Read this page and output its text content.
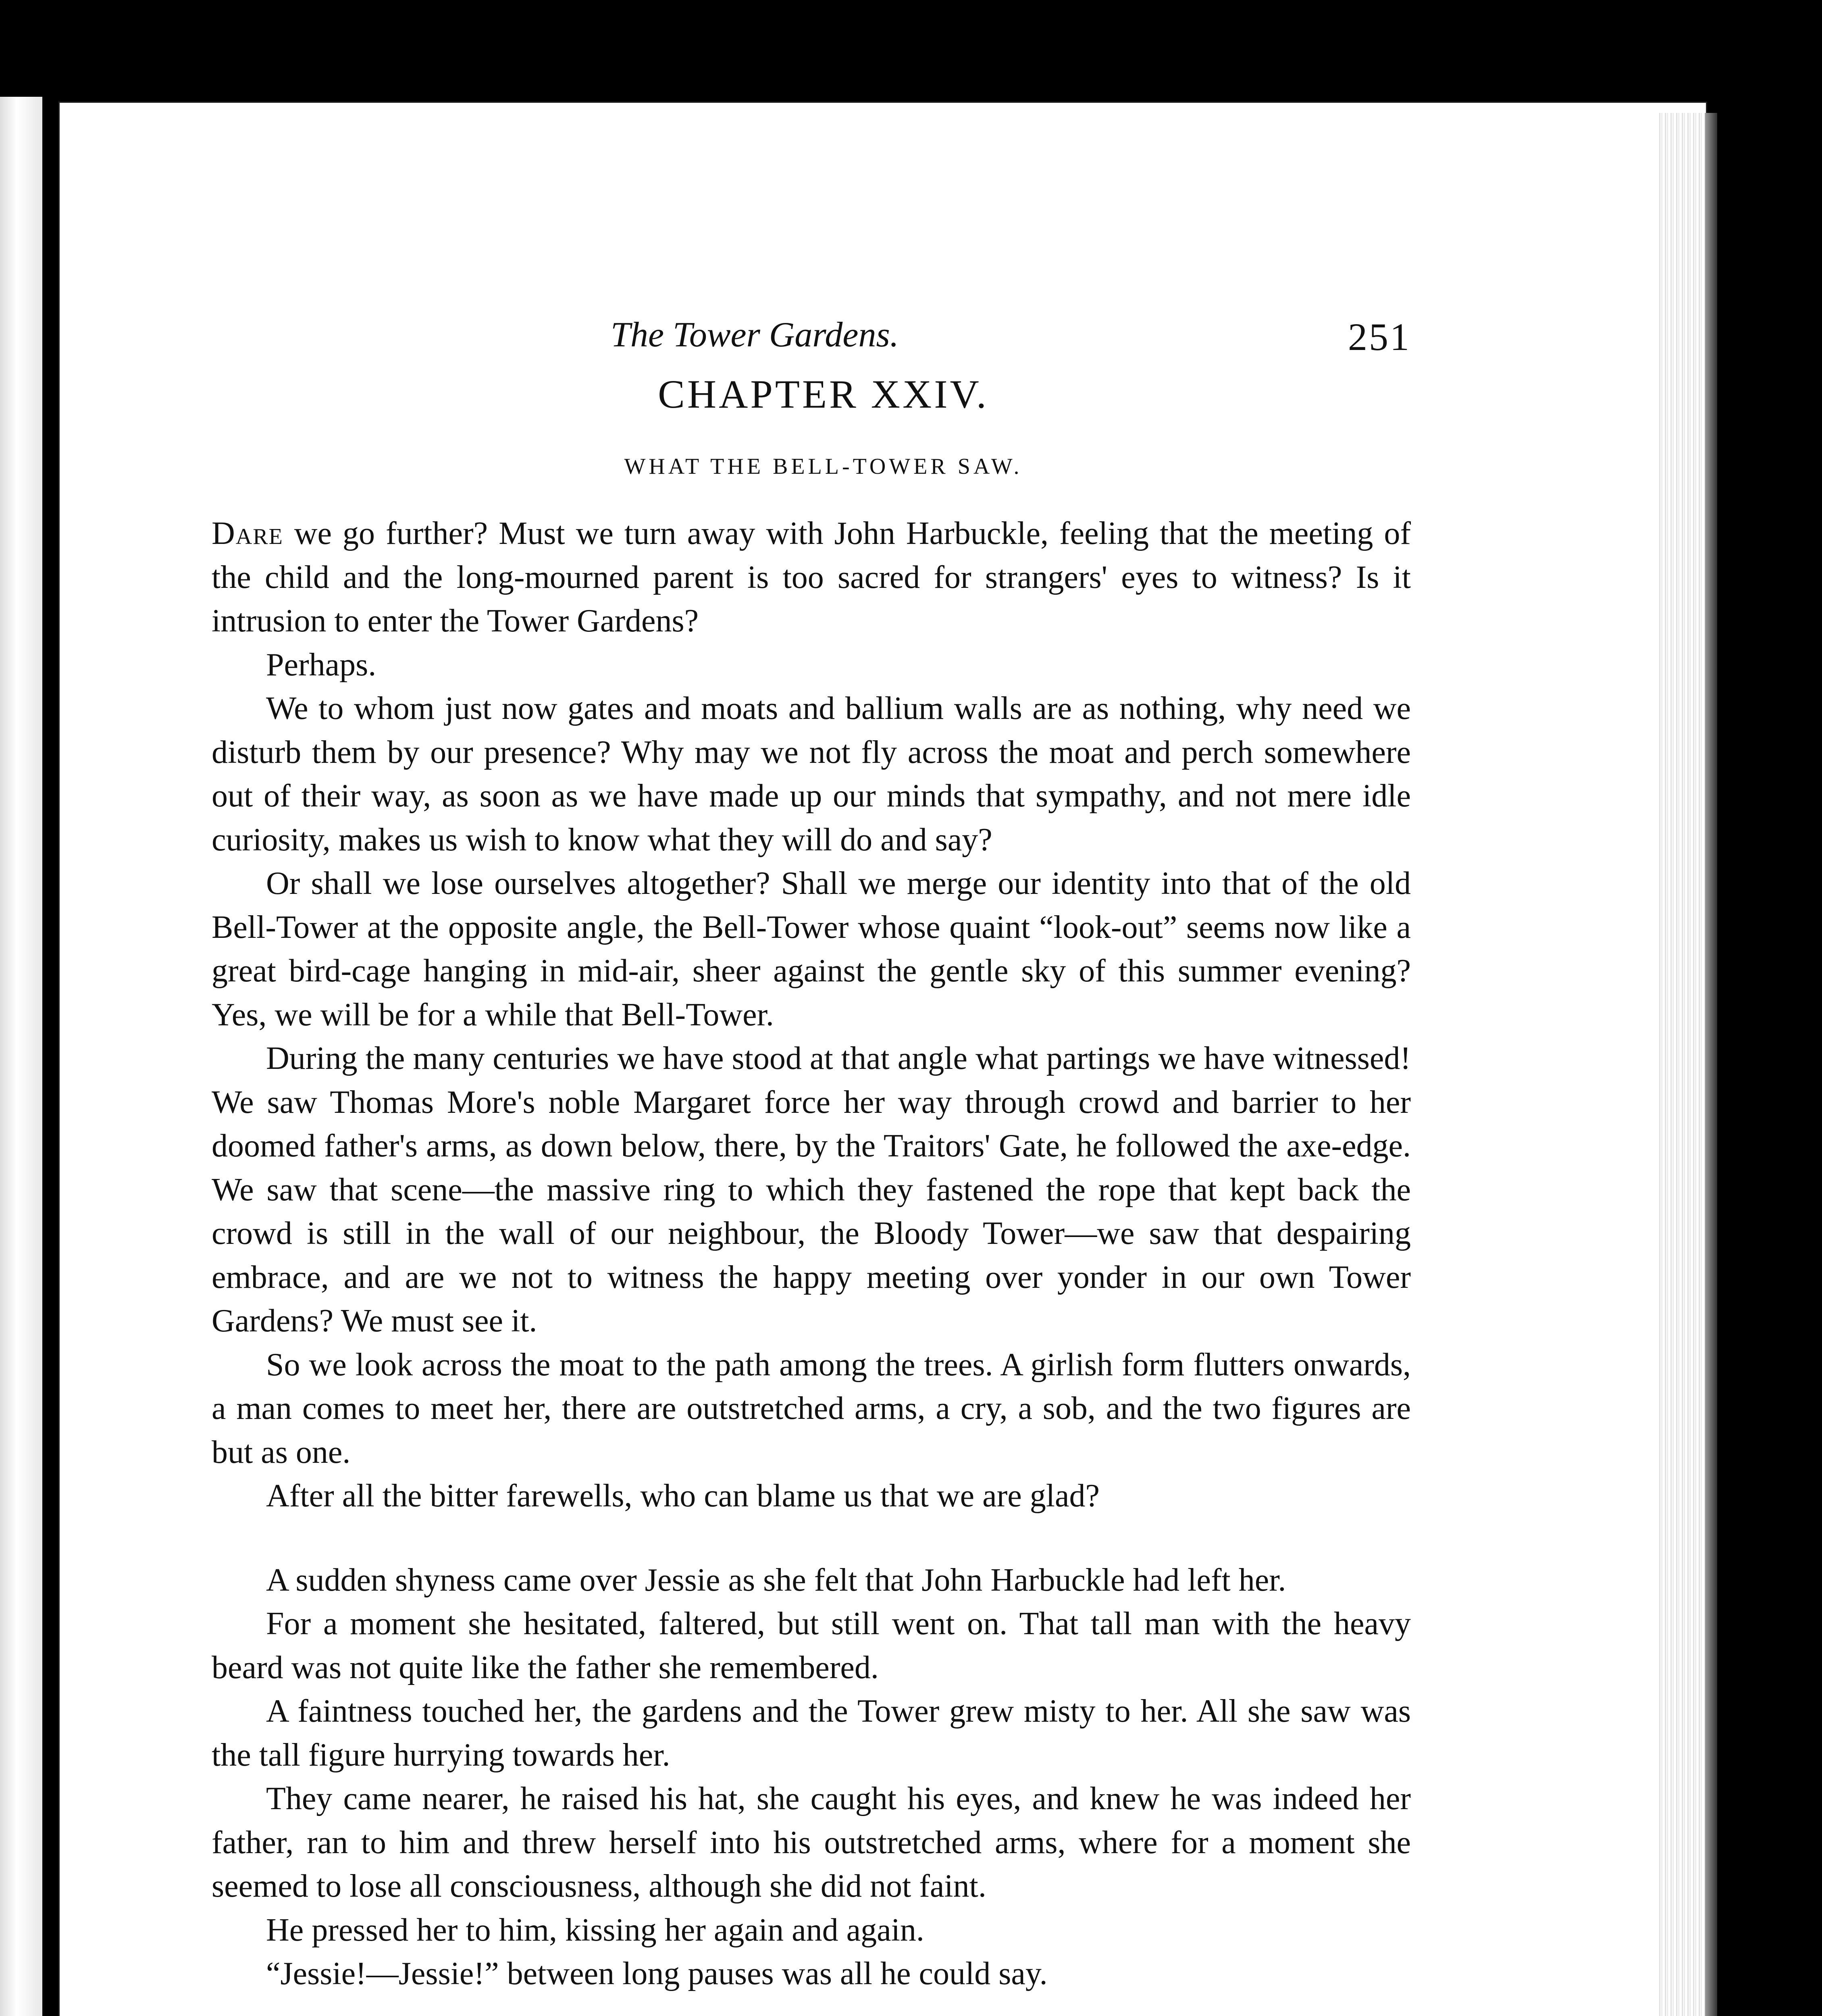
The Tower Gardens.	251
CHAPTER XXIV.
WHAT THE BELL-TOWER SAW.

Dare we go further? Must we turn away with John Harbuckle, feeling that the meeting of the child and the long-mourned parent is too sacred for strangers' eyes to witness? Is it intrusion to enter the Tower Gardens?

Perhaps.

We to whom just now gates and moats and ballium walls are as nothing, why need we disturb them by our presence? Why may we not fly across the moat and perch somewhere out of their way, as soon as we have made up our minds that sympathy, and not mere idle curiosity, makes us wish to know what they will do and say?

Or shall we lose ourselves altogether? Shall we merge our identity into that of the old Bell-Tower at the opposite angle, the Bell-Tower whose quaint “look-out” seems now like a great bird-cage hanging in mid-air, sheer against the gentle sky of this summer evening? Yes, we will be for a while that Bell-Tower.

During the many centuries we have stood at that angle what partings we have witnessed! We saw Thomas More's noble Margaret force her way through crowd and barrier to her doomed father's arms, as down below, there, by the Traitors' Gate, he followed the axe-edge. We saw that scene—the massive ring to which they fastened the rope that kept back the crowd is still in the wall of our neighbour, the Bloody Tower—we saw that despairing embrace, and are we not to witness the happy meeting over yonder in our own Tower Gardens? We must see it.

So we look across the moat to the path among the trees. A girlish form flutters onwards, a man comes to meet her, there are outstretched arms, a cry, a sob, and the two figures are but as one.

After all the bitter farewells, who can blame us that we are glad?

A sudden shyness came over Jessie as she felt that John Harbuckle had left her.

For a moment she hesitated, faltered, but still went on. That tall man with the heavy beard was not quite like the father she remembered.

A faintness touched her, the gardens and the Tower grew misty to her. All she saw was the tall figure hurrying towards her.

They came nearer, he raised his hat, she caught his eyes, and knew he was indeed her father, ran to him and threw herself into his outstretched arms, where for a moment she seemed to lose all consciousness, although she did not faint.

He pressed her to him, kissing her again and again.

“Jessie!—Jessie!” between long pauses was all he could say.
